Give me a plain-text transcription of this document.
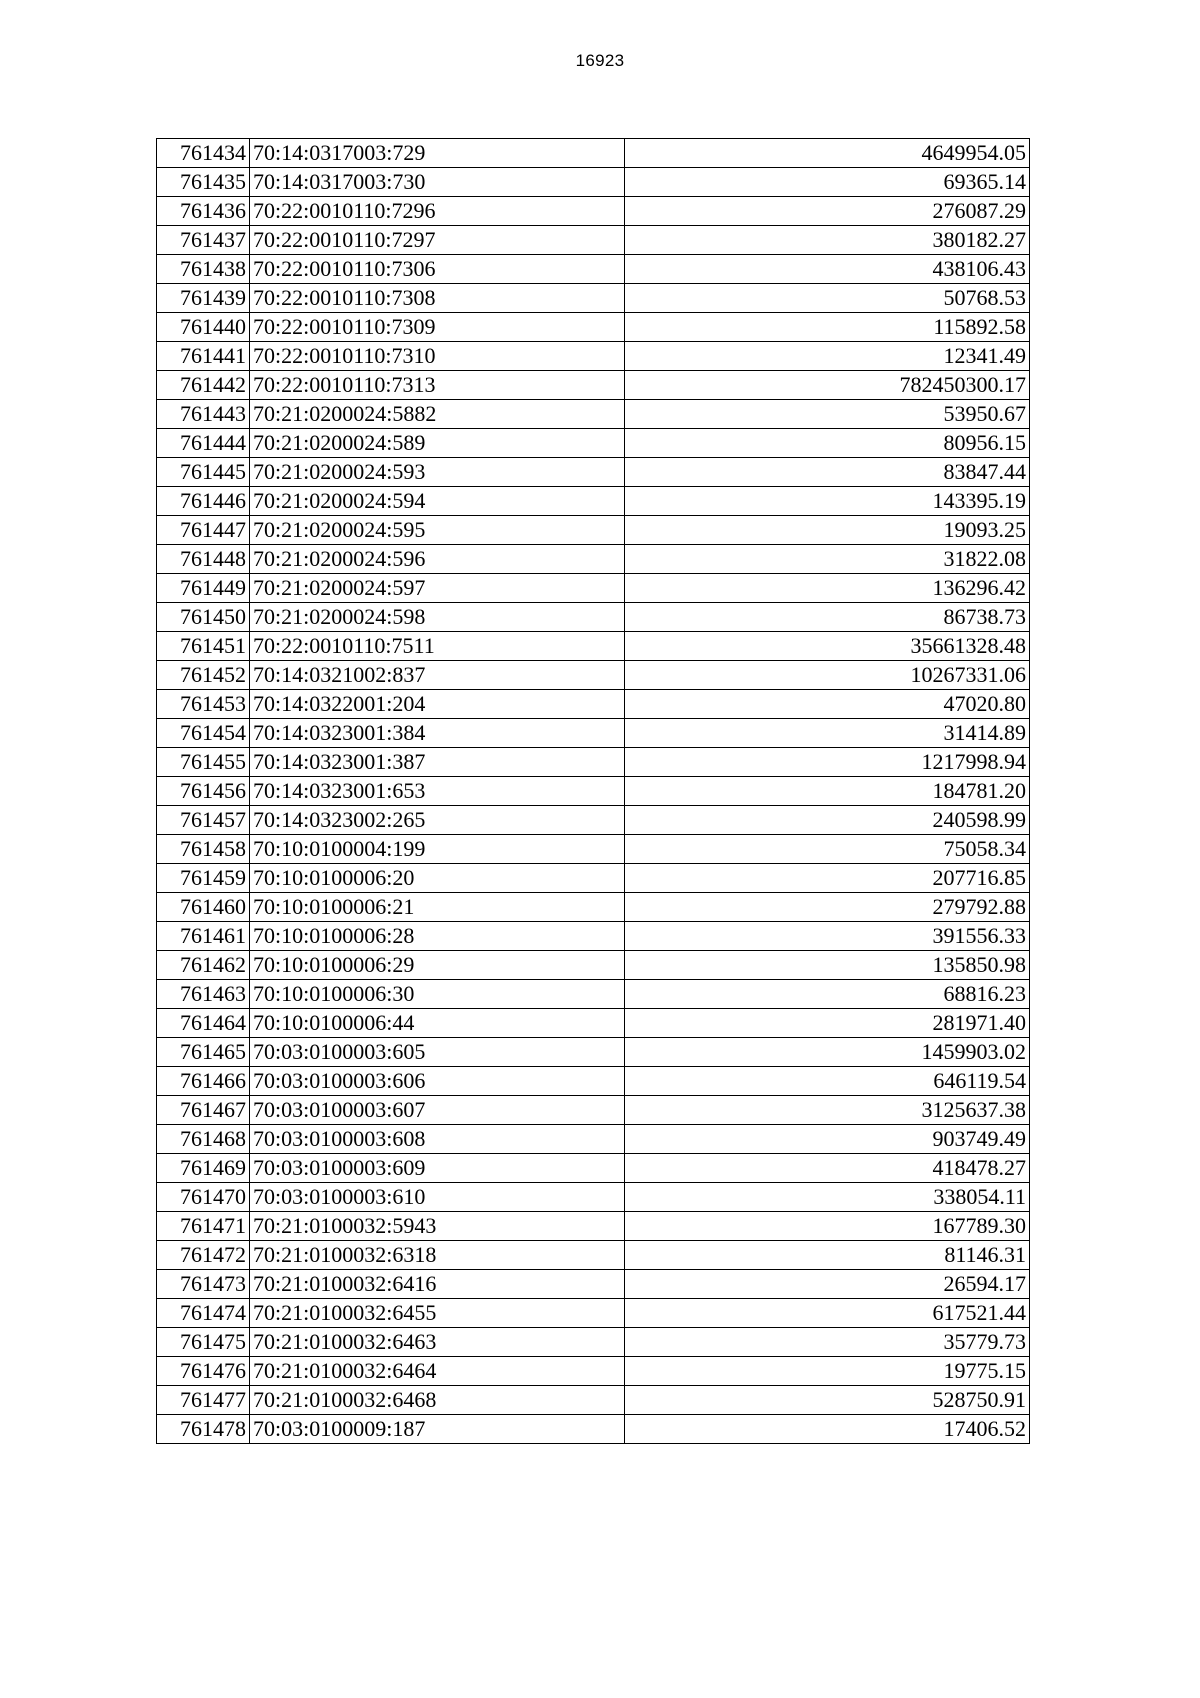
16923
761434	70:14:0317003:729	4649954.05
761435	70:14:0317003:730	69365.14
761436	70:22:0010110:7296	276087.29
761437	70:22:0010110:7297	380182.27
761438	70:22:0010110:7306	438106.43
761439	70:22:0010110:7308	50768.53
761440	70:22:0010110:7309	115892.58
761441	70:22:0010110:7310	12341.49
761442	70:22:0010110:7313	782450300.17
761443	70:21:0200024:5882	53950.67
761444	70:21:0200024:589	80956.15
761445	70:21:0200024:593	83847.44
761446	70:21:0200024:594	143395.19
761447	70:21:0200024:595	19093.25
761448	70:21:0200024:596	31822.08
761449	70:21:0200024:597	136296.42
761450	70:21:0200024:598	86738.73
761451	70:22:0010110:7511	35661328.48
761452	70:14:0321002:837	10267331.06
761453	70:14:0322001:204	47020.80
761454	70:14:0323001:384	31414.89
761455	70:14:0323001:387	1217998.94
761456	70:14:0323001:653	184781.20
761457	70:14:0323002:265	240598.99
761458	70:10:0100004:199	75058.34
761459	70:10:0100006:20	207716.85
761460	70:10:0100006:21	279792.88
761461	70:10:0100006:28	391556.33
761462	70:10:0100006:29	135850.98
761463	70:10:0100006:30	68816.23
761464	70:10:0100006:44	281971.40
761465	70:03:0100003:605	1459903.02
761466	70:03:0100003:606	646119.54
761467	70:03:0100003:607	3125637.38
761468	70:03:0100003:608	903749.49
761469	70:03:0100003:609	418478.27
761470	70:03:0100003:610	338054.11
761471	70:21:0100032:5943	167789.30
761472	70:21:0100032:6318	81146.31
761473	70:21:0100032:6416	26594.17
761474	70:21:0100032:6455	617521.44
761475	70:21:0100032:6463	35779.73
761476	70:21:0100032:6464	19775.15
761477	70:21:0100032:6468	528750.91
761478	70:03:0100009:187	17406.52
